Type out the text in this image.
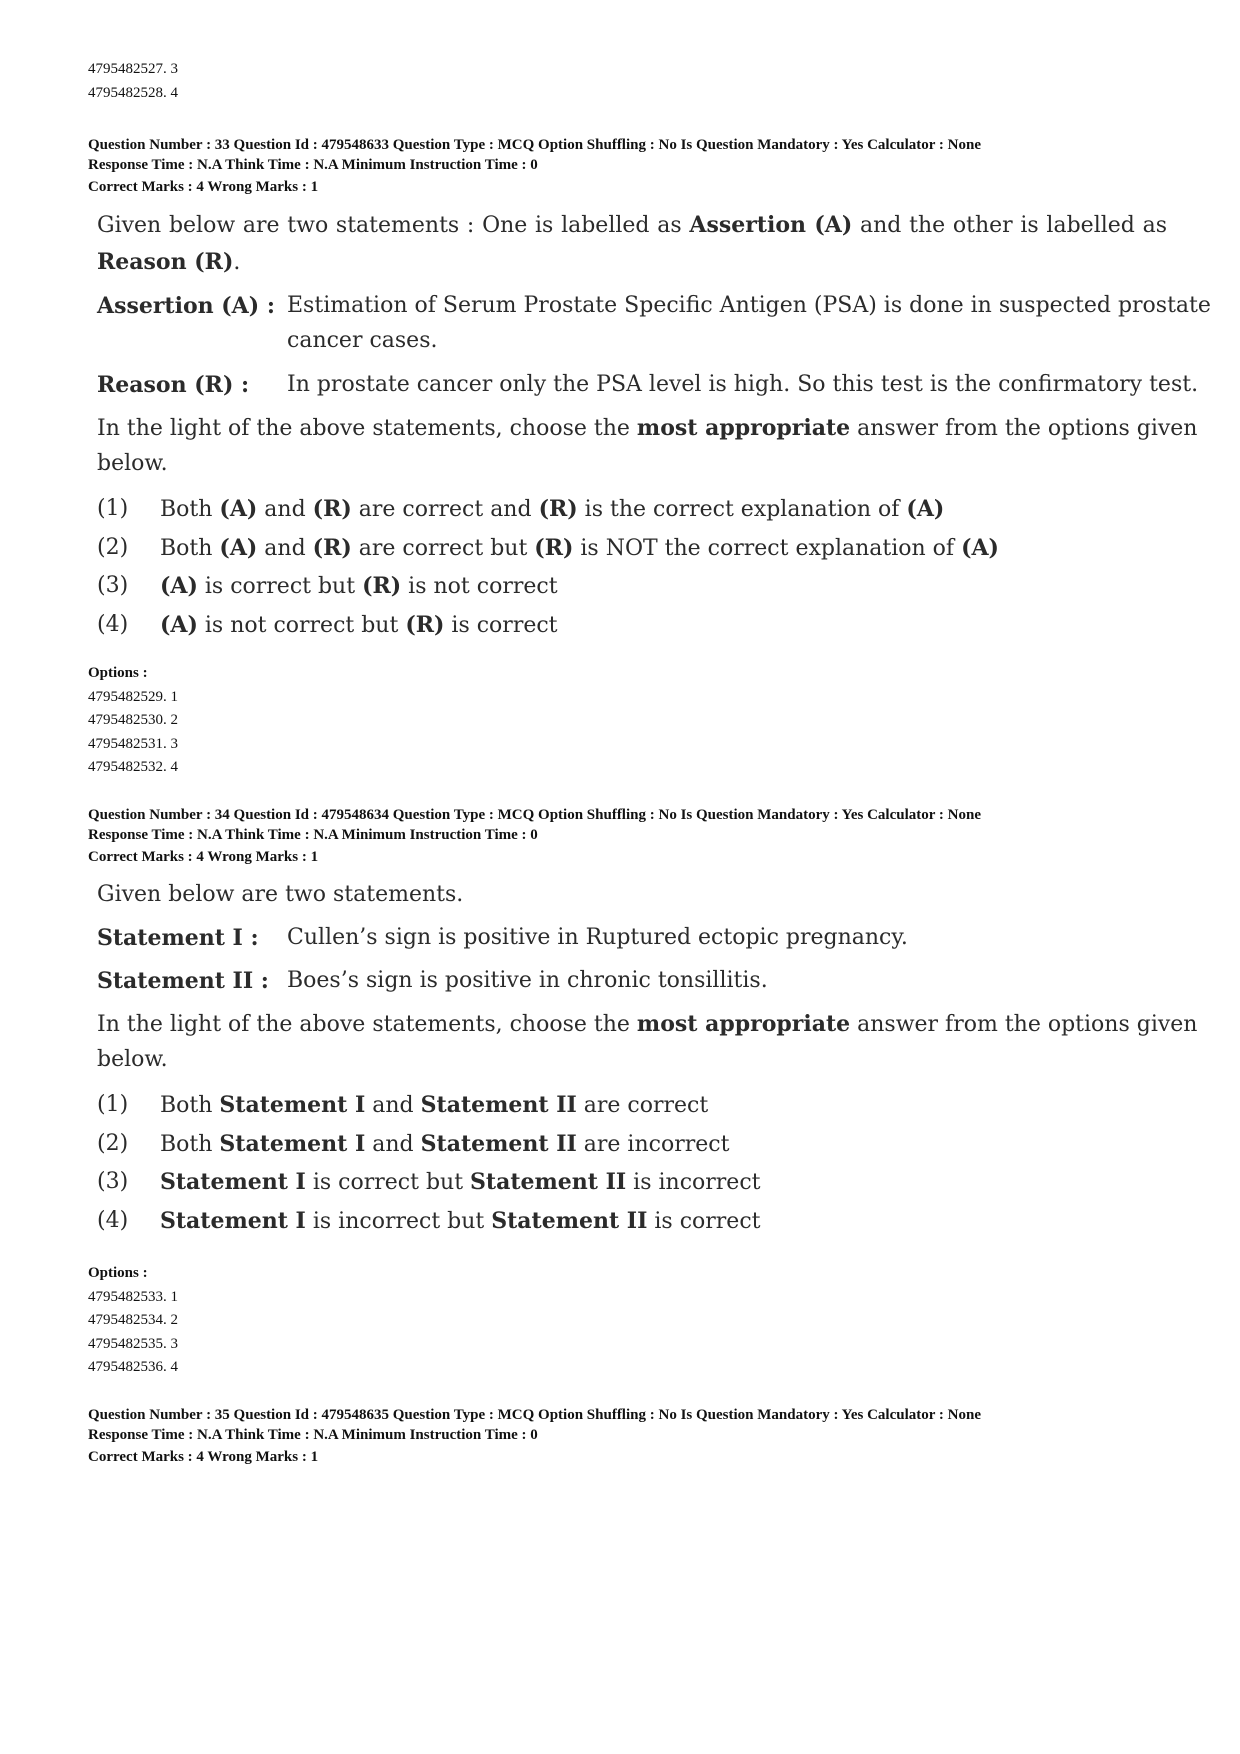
4795482527. 3
4795482528. 4
Question Number : 33 Question Id : 479548633 Question Type : MCQ Option Shuffling : No Is Question Mandatory : Yes Calculator : None
Response Time : N.A Think Time : N.A Minimum Instruction Time : 0
Correct Marks : 4 Wrong Marks : 1
Given below are two statements : One is labelled as Assertion (A) and the other is labelled as
Reason (R).
Assertion (A) : Estimation of Serum Prostate Specific Antigen (PSA) is done in suspected prostate
cancer cases.
Reason (R) : In prostate cancer only the PSA level is high. So this test is the confirmatory test.
In the light of the above statements, choose the most appropriate answer from the options given
below.
(1) Both (A) and (R) are correct and (R) is the correct explanation of (A)
(2) Both (A) and (R) are correct but (R) is NOT the correct explanation of (A)
(3) (A) is correct but (R) is not correct
(4) (A) is not correct but (R) is correct
Options :
4795482529. 1
4795482530. 2
4795482531. 3
4795482532. 4
Question Number : 34 Question Id : 479548634 Question Type : MCQ Option Shuffling : No Is Question Mandatory : Yes Calculator : None
Response Time : N.A Think Time : N.A Minimum Instruction Time : 0
Correct Marks : 4 Wrong Marks : 1
Given below are two statements.
Statement I : Cullen’s sign is positive in Ruptured ectopic pregnancy.
Statement II : Boes’s sign is positive in chronic tonsillitis.
In the light of the above statements, choose the most appropriate answer from the options given
below.
(1) Both Statement I and Statement II are correct
(2) Both Statement I and Statement II are incorrect
(3) Statement I is correct but Statement II is incorrect
(4) Statement I is incorrect but Statement II is correct
Options :
4795482533. 1
4795482534. 2
4795482535. 3
4795482536. 4
Question Number : 35 Question Id : 479548635 Question Type : MCQ Option Shuffling : No Is Question Mandatory : Yes Calculator : None
Response Time : N.A Think Time : N.A Minimum Instruction Time : 0
Correct Marks : 4 Wrong Marks : 1
